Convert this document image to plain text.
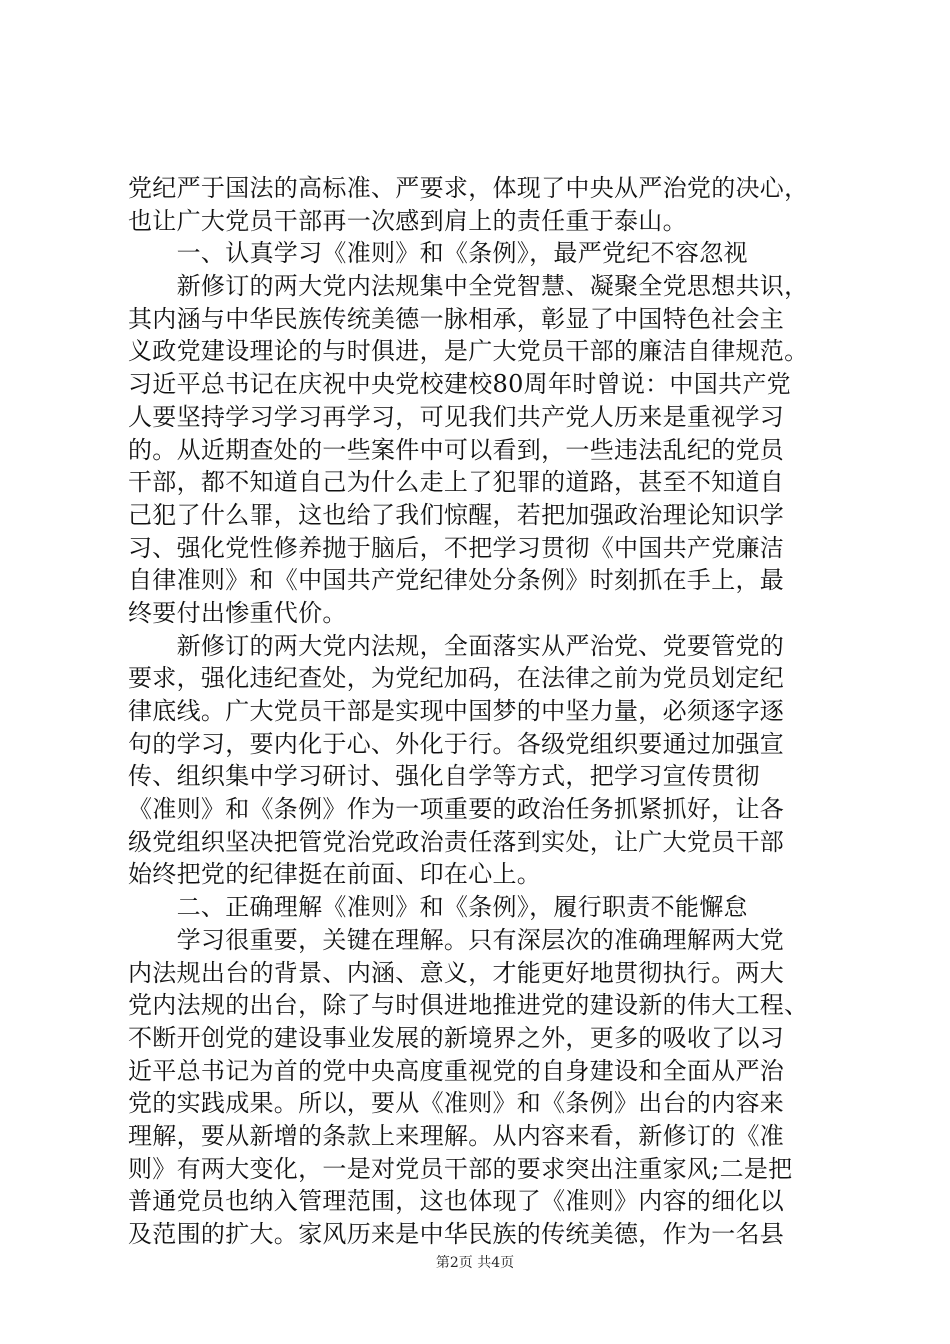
党纪严于国法的高标准、严要求，体现了中央从严治党的决心，
也让广大党员干部再一次感到肩上的责任重于泰山。
　　一、认真学习《准则》和《条例》，最严党纪不容忽视
　　新修订的两大党内法规集中全党智慧、凝聚全党思想共识，
其内涵与中华民族传统美德一脉相承，彰显了中国特色社会主
义政党建设理论的与时俱进，是广大党员干部的廉洁自律规范。
习近平总书记在庆祝中央党校建校80周年时曾说：中国共产党
人要坚持学习学习再学习，可见我们共产党人历来是重视学习
的。从近期查处的一些案件中可以看到，一些违法乱纪的党员
干部，都不知道自己为什么走上了犯罪的道路，甚至不知道自
己犯了什么罪，这也给了我们惊醒，若把加强政治理论知识学
习、强化党性修养抛于脑后，不把学习贯彻《中国共产党廉洁
自律准则》和《中国共产党纪律处分条例》时刻抓在手上，最
终要付出惨重代价。
　　新修订的两大党内法规，全面落实从严治党、党要管党的
要求，强化违纪查处，为党纪加码，在法律之前为党员划定纪
律底线。广大党员干部是实现中国梦的中坚力量，必须逐字逐
句的学习，要内化于心、外化于行。各级党组织要通过加强宣
传、组织集中学习研讨、强化自学等方式，把学习宣传贯彻
《准则》和《条例》作为一项重要的政治任务抓紧抓好，让各
级党组织坚决把管党治党政治责任落到实处，让广大党员干部
始终把党的纪律挺在前面、印在心上。
　　二、正确理解《准则》和《条例》，履行职责不能懈怠
　　学习很重要，关键在理解。只有深层次的准确理解两大党
内法规出台的背景、内涵、意义，才能更好地贯彻执行。两大
党内法规的出台，除了与时俱进地推进党的建设新的伟大工程、
不断开创党的建设事业发展的新境界之外，更多的吸收了以习
近平总书记为首的党中央高度重视党的自身建设和全面从严治
党的实践成果。所以，要从《准则》和《条例》出台的内容来
理解，要从新增的条款上来理解。从内容来看，新修订的《准
则》有两大变化，一是对党员干部的要求突出注重家风;二是把
普通党员也纳入管理范围，这也体现了《准则》内容的细化以
及范围的扩大。家风历来是中华民族的传统美德，作为一名县
第2页 共4页
